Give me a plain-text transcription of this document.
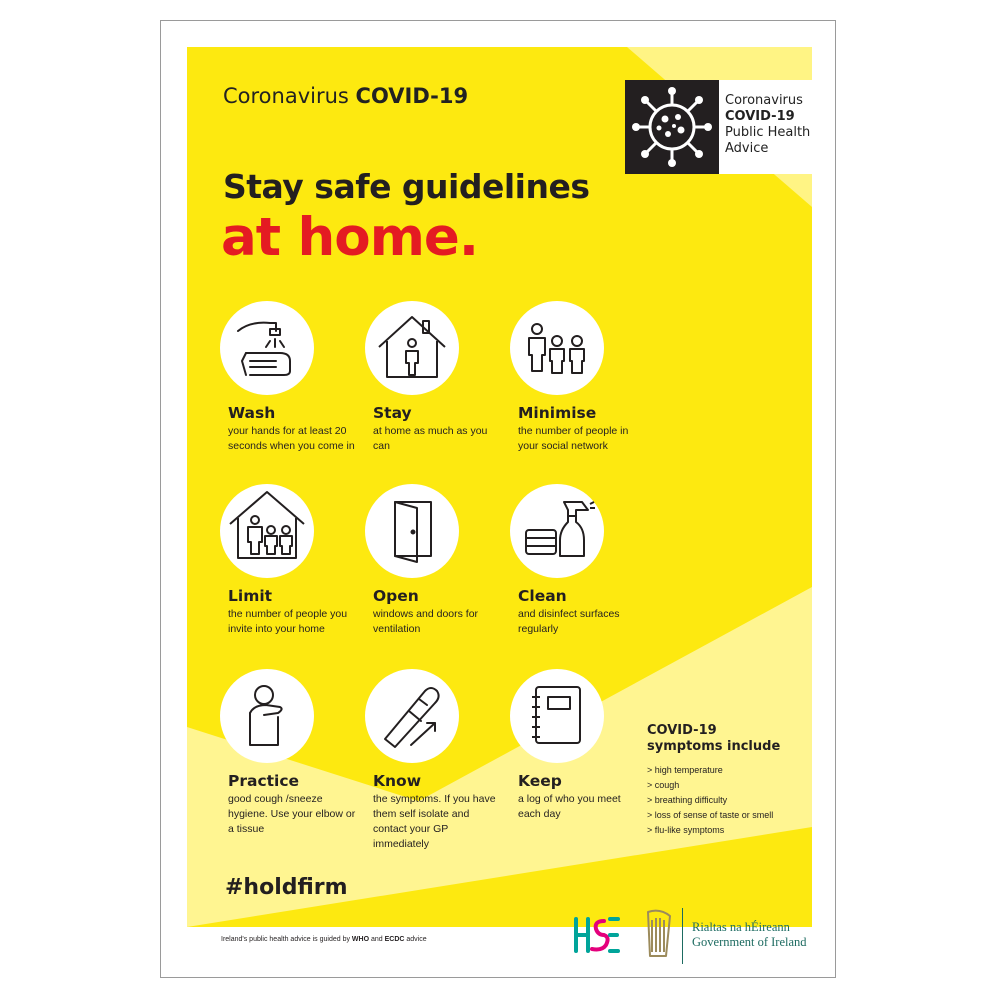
Coronavirus COVID-19	Coronavirus
COVID-19
Public Health
Advice
Stay safe guidelines
at home.
Wash
your hands for at least 20 seconds when you come in
Stay
at home as much as you can
Minimise
the number of people in your social network
Limit
the number of people you invite into your home
Open
windows and doors for ventilation
Clean
and disinfect surfaces regularly
Practice
good cough /sneeze hygiene. Use your elbow or a tissue
Know
the symptoms. If you have them self isolate and contact your GP immediately
Keep
a log of who you meet each day
COVID-19
symptoms include
> high temperature
> cough
> breathing difficulty
> loss of sense of taste or smell
> flu-like symptoms
#holdfirm
Ireland's public health advice is guided by WHO and ECDC advice
Rialtas na hÉireann
Government of Ireland
